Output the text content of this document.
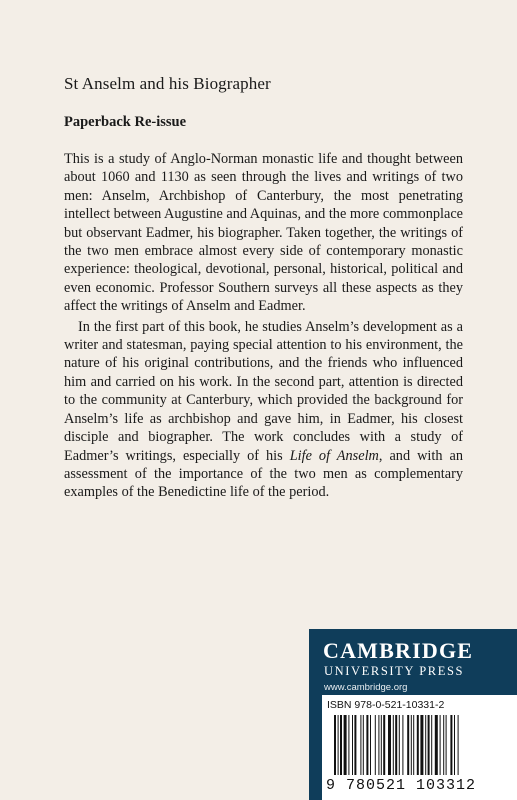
St Anselm and his Biographer
Paperback Re-issue

This is a study of Anglo-Norman monastic life and thought between about 1060 and 1130 as seen through the lives and writings of two men: Anselm, Archbishop of Canterbury, the most penetrating intellect between Augustine and Aquinas, and the more commonplace but observant Eadmer, his biographer. Taken together, the writings of the two men embrace almost every side of contemporary monastic experience: theological, devotional, personal, historical, political and even economic. Professor Southern surveys all these aspects as they affect the writings of Anselm and Eadmer.

In the first part of this book, he studies Anselm’s development as a writer and statesman, paying special attention to his environment, the nature of his original contributions, and the friends who influenced him and carried on his work. In the second part, attention is directed to the community at Canterbury, which provided the background for Anselm’s life as archbishop and gave him, in Eadmer, his closest disciple and biographer. The work concludes with a study of Eadmer’s writings, especially of his Life of Anselm, and with an assessment of the importance of the two men as complementary examples of the Benedictine life of the period.

CAMBRIDGE
UNIVERSITY PRESS
www.cambridge.org
ISBN 978-0-521-10331-2
9 780521 103312
